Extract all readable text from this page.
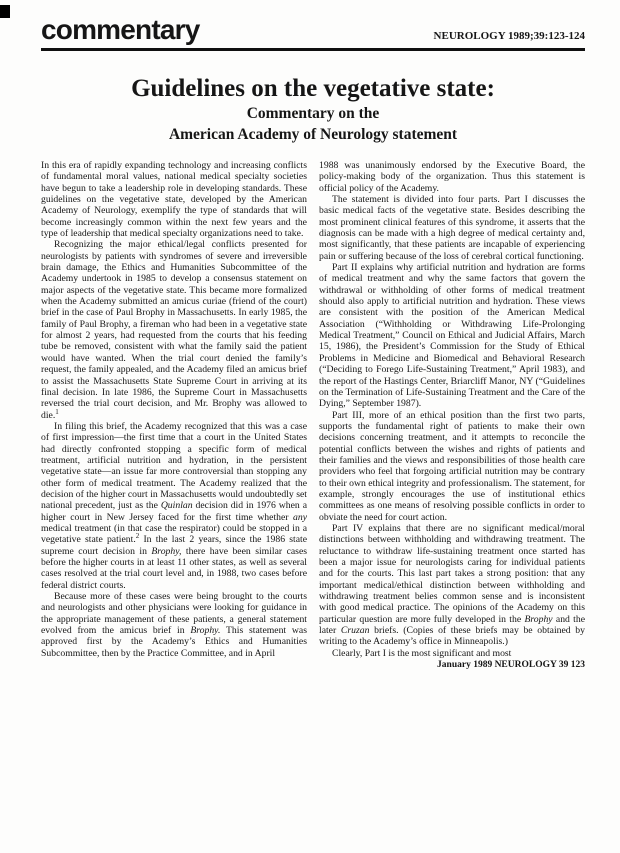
commentary	NEUROLOGY 1989;39:123-124
Guidelines on the vegetative state:
Commentary on the
American Academy of Neurology statement

In this era of rapidly expanding technology and increasing conflicts of fundamental moral values, national medical specialty societies have begun to take a leadership role in developing standards. These guidelines on the vegetative state, developed by the American Academy of Neurology, exemplify the type of standards that will become increasingly common within the next few years and the type of leadership that medical specialty organizations need to take.

Recognizing the major ethical/legal conflicts presented for neurologists by patients with syndromes of severe and irreversible brain damage, the Ethics and Humanities Subcommittee of the Academy undertook in 1985 to develop a consensus statement on major aspects of the vegetative state. This became more formalized when the Academy submitted an amicus curiae (friend of the court) brief in the case of Paul Brophy in Massachusetts. In early 1985, the family of Paul Brophy, a fireman who had been in a vegetative state for almost 2 years, had requested from the courts that his feeding tube be removed, consistent with what the family said the patient would have wanted. When the trial court denied the family’s request, the family appealed, and the Academy filed an amicus brief to assist the Massachusetts State Supreme Court in arriving at its final decision. In late 1986, the Supreme Court in Massachusetts reversed the trial court decision, and Mr. Brophy was allowed to die.$^1$

In filing this brief, the Academy recognized that this was a case of first impression—the first time that a court in the United States had directly confronted stopping a specific form of medical treatment, artificial nutrition and hydration, in the persistent vegetative state—an issue far more controversial than stopping any other form of medical treatment. The Academy realized that the decision of the higher court in Massachusetts would undoubtedly set national precedent, just as the Quinlan decision did in 1976 when a higher court in New Jersey faced for the first time whether any medical treatment (in that case the respirator) could be stopped in a vegetative state patient.$^2$ In the last 2 years, since the 1986 state supreme court decision in Brophy, there have been similar cases before the higher courts in at least 11 other states, as well as several cases resolved at the trial court level and, in 1988, two cases before federal district courts.

Because more of these cases were being brought to the courts and neurologists and other physicians were looking for guidance in the appropriate management of these patients, a general statement evolved from the amicus brief in Brophy. This statement was approved first by the Academy’s Ethics and Humanities Subcommittee, then by the Practice Committee, and in April

1988 was unanimously endorsed by the Executive Board, the policy-making body of the organization. Thus this statement is official policy of the Academy.

The statement is divided into four parts. Part I discusses the basic medical facts of the vegetative state. Besides describing the most prominent clinical features of this syndrome, it asserts that the diagnosis can be made with a high degree of medical certainty and, most significantly, that these patients are incapable of experiencing pain or suffering because of the loss of cerebral cortical functioning.

Part II explains why artificial nutrition and hydration are forms of medical treatment and why the same factors that govern the withdrawal or withholding of other forms of medical treatment should also apply to artificial nutrition and hydration. These views are consistent with the position of the American Medical Association (“Withholding or Withdrawing Life-Prolonging Medical Treatment,” Council on Ethical and Judicial Affairs, March 15, 1986), the President’s Commission for the Study of Ethical Problems in Medicine and Biomedical and Behavioral Research (“Deciding to Forego Life-Sustaining Treatment,” April 1983), and the report of the Hastings Center, Briarcliff Manor, NY (“Guidelines on the Termination of Life-Sustaining Treatment and the Care of the Dying,” September 1987).

Part III, more of an ethical position than the first two parts, supports the fundamental right of patients to make their own decisions concerning treatment, and it attempts to reconcile the potential conflicts between the wishes and rights of patients and their families and the views and responsibilities of those health care providers who feel that forgoing artificial nutrition may be contrary to their own ethical integrity and professionalism. The statement, for example, strongly encourages the use of institutional ethics committees as one means of resolving possible conflicts in order to obviate the need for court action.

Part IV explains that there are no significant medical/moral distinctions between withholding and withdrawing treatment. The reluctance to withdraw life-sustaining treatment once started has been a major issue for neurologists caring for individual patients and for the courts. This last part takes a strong position: that any important medical/ethical distinction between withholding and withdrawing treatment belies common sense and is inconsistent with good medical practice. The opinions of the Academy on this particular question are more fully developed in the Brophy and the later Cruzan briefs. (Copies of these briefs may be obtained by writing to the Academy’s office in Minneapolis.)

Clearly, Part I is the most significant and most

January 1989 NEUROLOGY 39 123
